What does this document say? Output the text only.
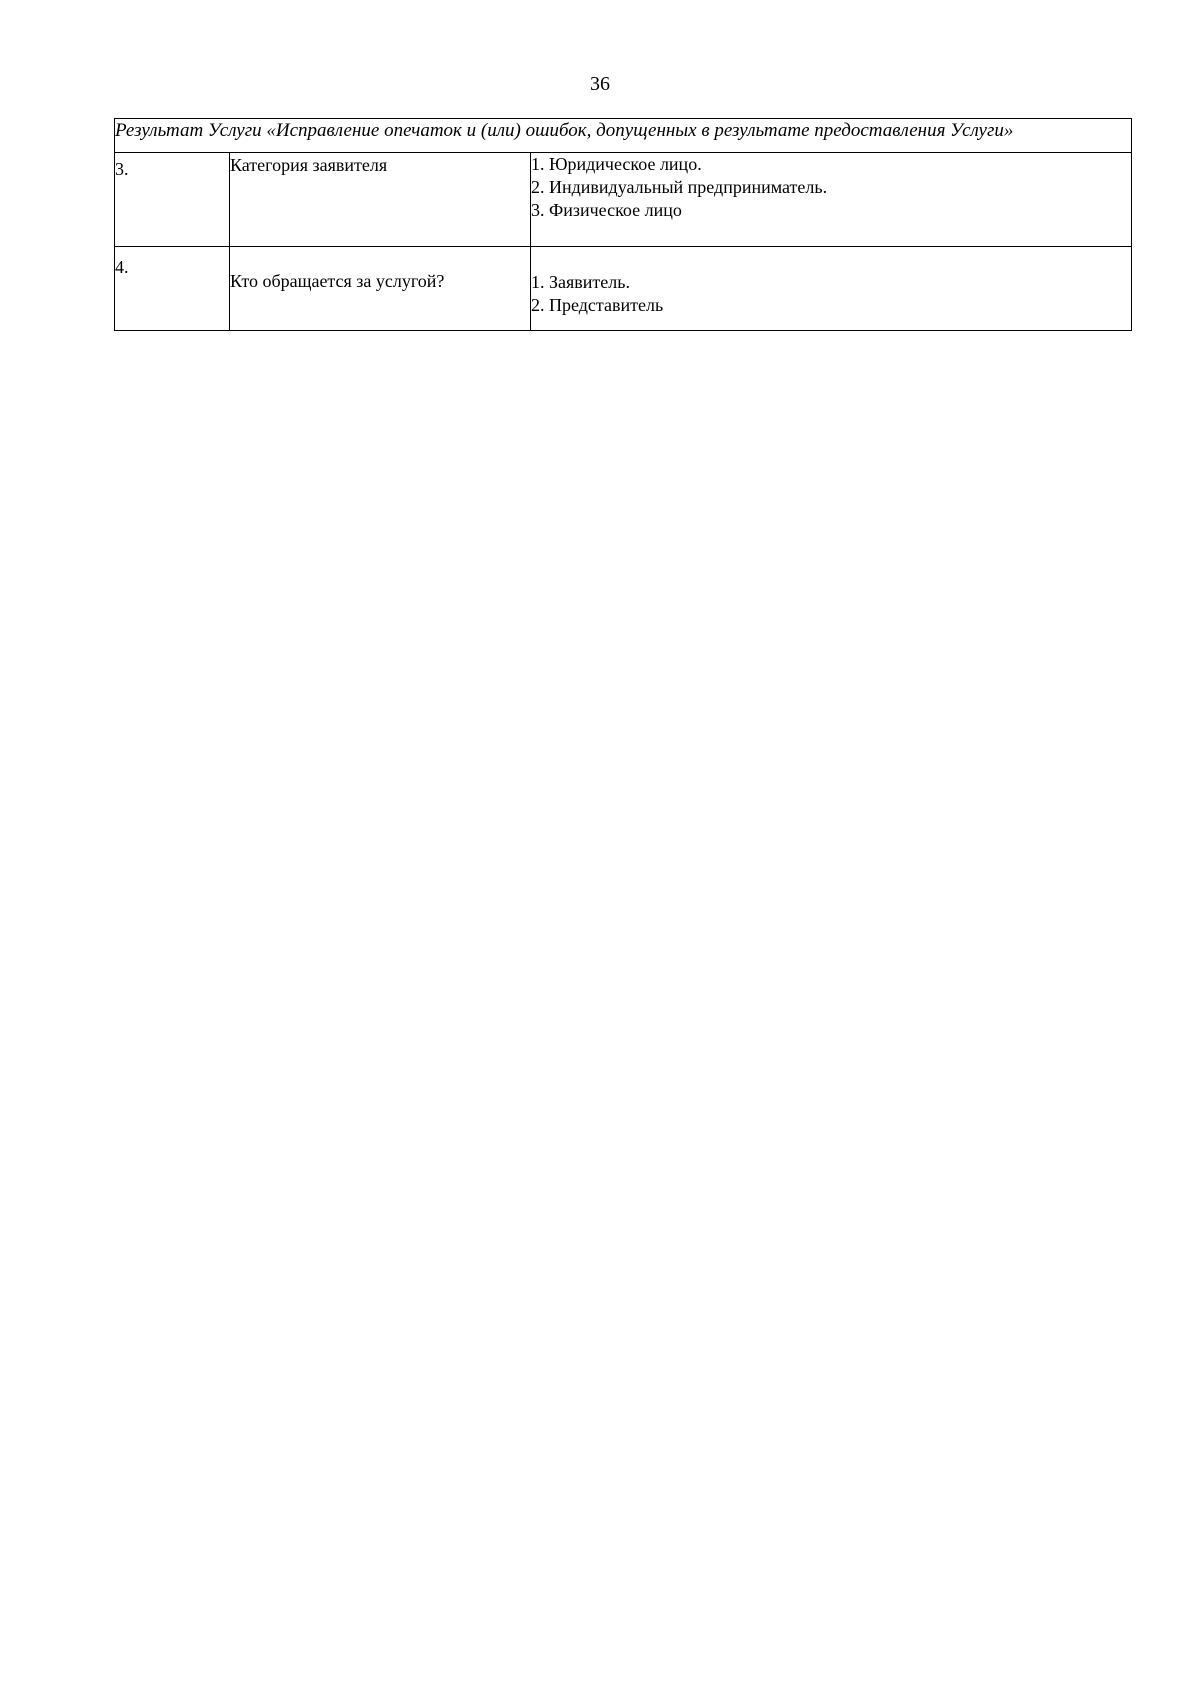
36
Результат Услуги «Исправление опечаток и (или) ошибок, допущенных в результате предоставления Услуги»		
3.	Категория заявителя	1. Юридическое лицо.
2. Индивидуальный предприниматель.
3. Физическое лицо

4.	Кто обращается за услугой?	1. Заявитель.
2. Представитель
